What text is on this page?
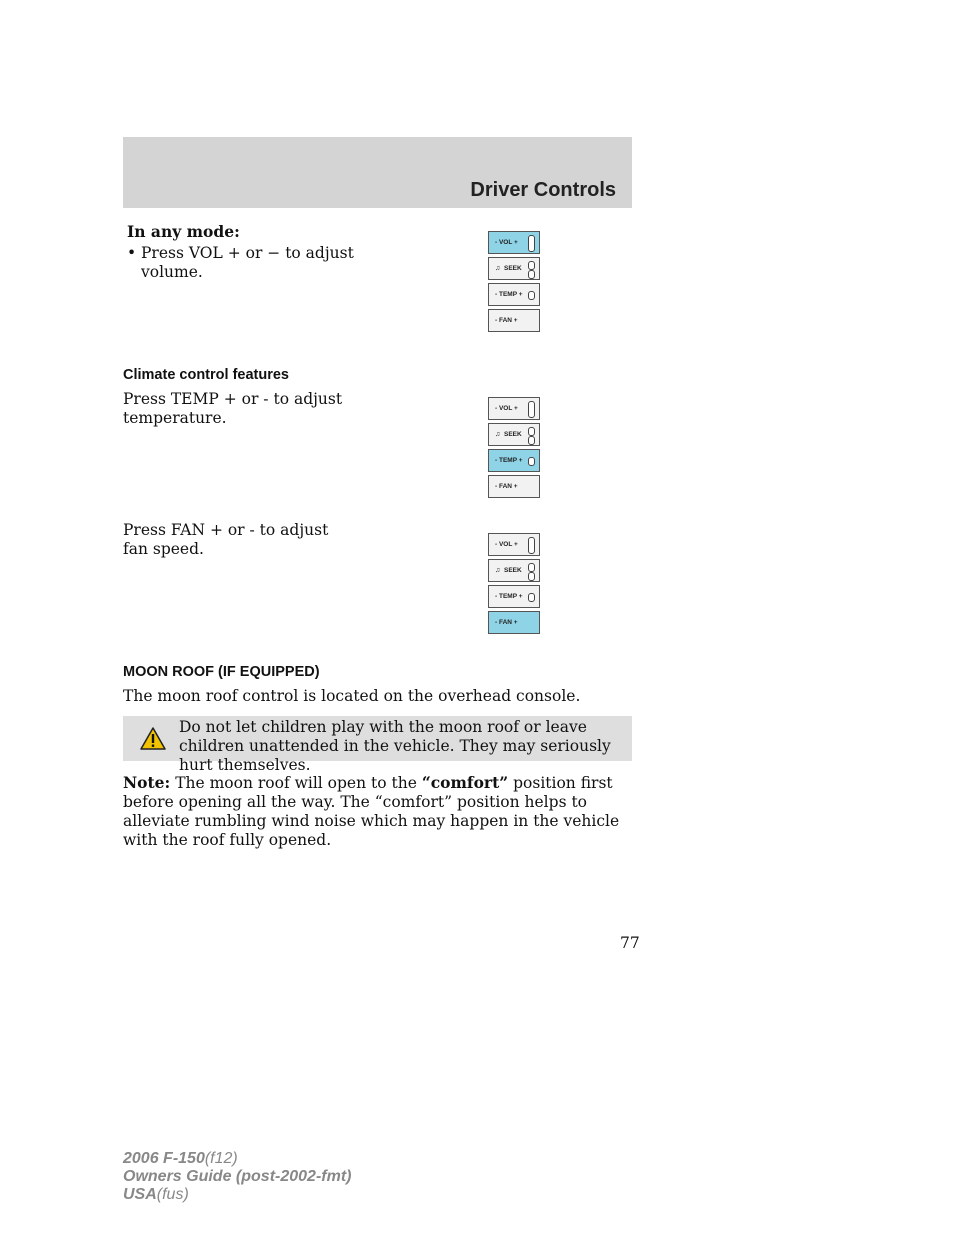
Driver Controls
In any mode:
• Press VOL + or − to adjust volume.
- VOL +
♫ SEEK
- TEMP +
- FAN +
Climate control features
Press TEMP + or - to adjust temperature.
- VOL +
♫ SEEK
- TEMP +
- FAN +
Press FAN + or - to adjust fan speed.	- VOL +
♫ SEEK
- TEMP +
- FAN +
MOON ROOF (IF EQUIPPED)
The moon roof control is located on the overhead console.
Do not let children play with the moon roof or leave children unattended in the vehicle. They may seriously hurt themselves.
Note: The moon roof will open to the “comfort” position first before opening all the way. The “comfort” position helps to alleviate rumbling wind noise which may happen in the vehicle with the roof fully opened.
77
2006 F-150(f12)
Owners Guide (post-2002-fmt)
USA(fus)
